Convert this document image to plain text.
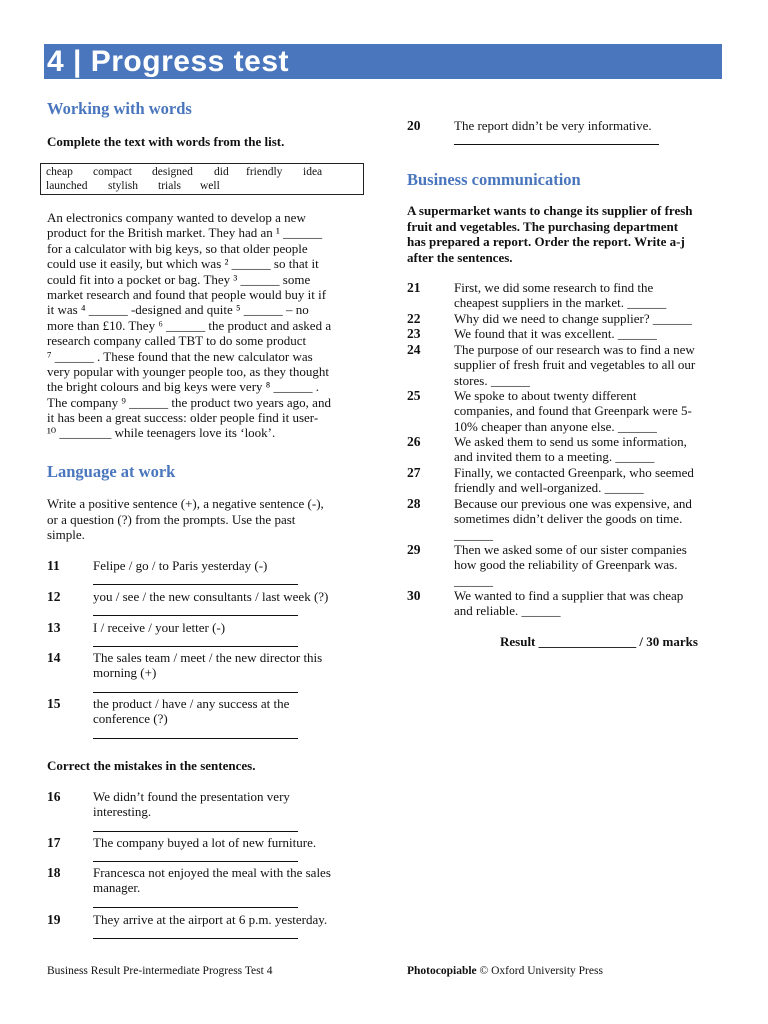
4 | Progress test
Working with words
Complete the text with words from the list.
cheap compact designed did friendly idea
launched stylish trials well
An electronics company wanted to develop a new
product for the British market. They had an ¹ ______
for a calculator with big keys, so that older people
could use it easily, but which was ² ______ so that it
could fit into a pocket or bag. They ³ ______ some
market research and found that people would buy it if
it was ⁴ ______ -designed and quite ⁵ ______ – no
more than £10. They ⁶ ______ the product and asked a
research company called TBT to do some product
⁷ ______ . These found that the new calculator was
very popular with younger people too, as they thought
the bright colours and big keys were very ⁸ ______ .
The company ⁹ ______ the product two years ago, and
it has been a great success: older people find it user-
¹⁰ ________ while teenagers love its ‘look’.
Language at work
Write a positive sentence (+), a negative sentence (-),
or a question (?) from the prompts. Use the past
simple.
11	Felipe / go / to Paris yesterday (-)
12	you / see / the new consultants / last week (?)
13	I / receive / your letter (-)
14	The sales team / meet / the new director this
morning (+)
15	the product / have / any success at the
conference (?)
Correct the mistakes in the sentences.
16	We didn’t found the presentation very
interesting.
17	The company buyed a lot of new furniture.
18	Francesca not enjoyed the meal with the sales
manager.
19	They arrive at the airport at 6 p.m. yesterday.
20	The report didn’t be very informative.
Business communication
A supermarket wants to change its supplier of fresh
fruit and vegetables. The purchasing department
has prepared a report. Order the report. Write a-j
after the sentences.
21	First, we did some research to find the
cheapest suppliers in the market. ______
22	Why did we need to change supplier? ______
23	We found that it was excellent. ______
24	The purpose of our research was to find a new
supplier of fresh fruit and vegetables to all our
stores. ______
25	We spoke to about twenty different
companies, and found that Greenpark were 5-
10% cheaper than anyone else. ______
26	We asked them to send us some information,
and invited them to a meeting. ______
27	Finally, we contacted Greenpark, who seemed
friendly and well-organized. ______
28	Because our previous one was expensive, and
sometimes didn’t deliver the goods on time.
______
29	Then we asked some of our sister companies
how good the reliability of Greenpark was.
______
30	We wanted to find a supplier that was cheap
and reliable. ______
Result _______________ / 30 marks
Business Result Pre-intermediate Progress Test 4	Photocopiable © Oxford University Press
